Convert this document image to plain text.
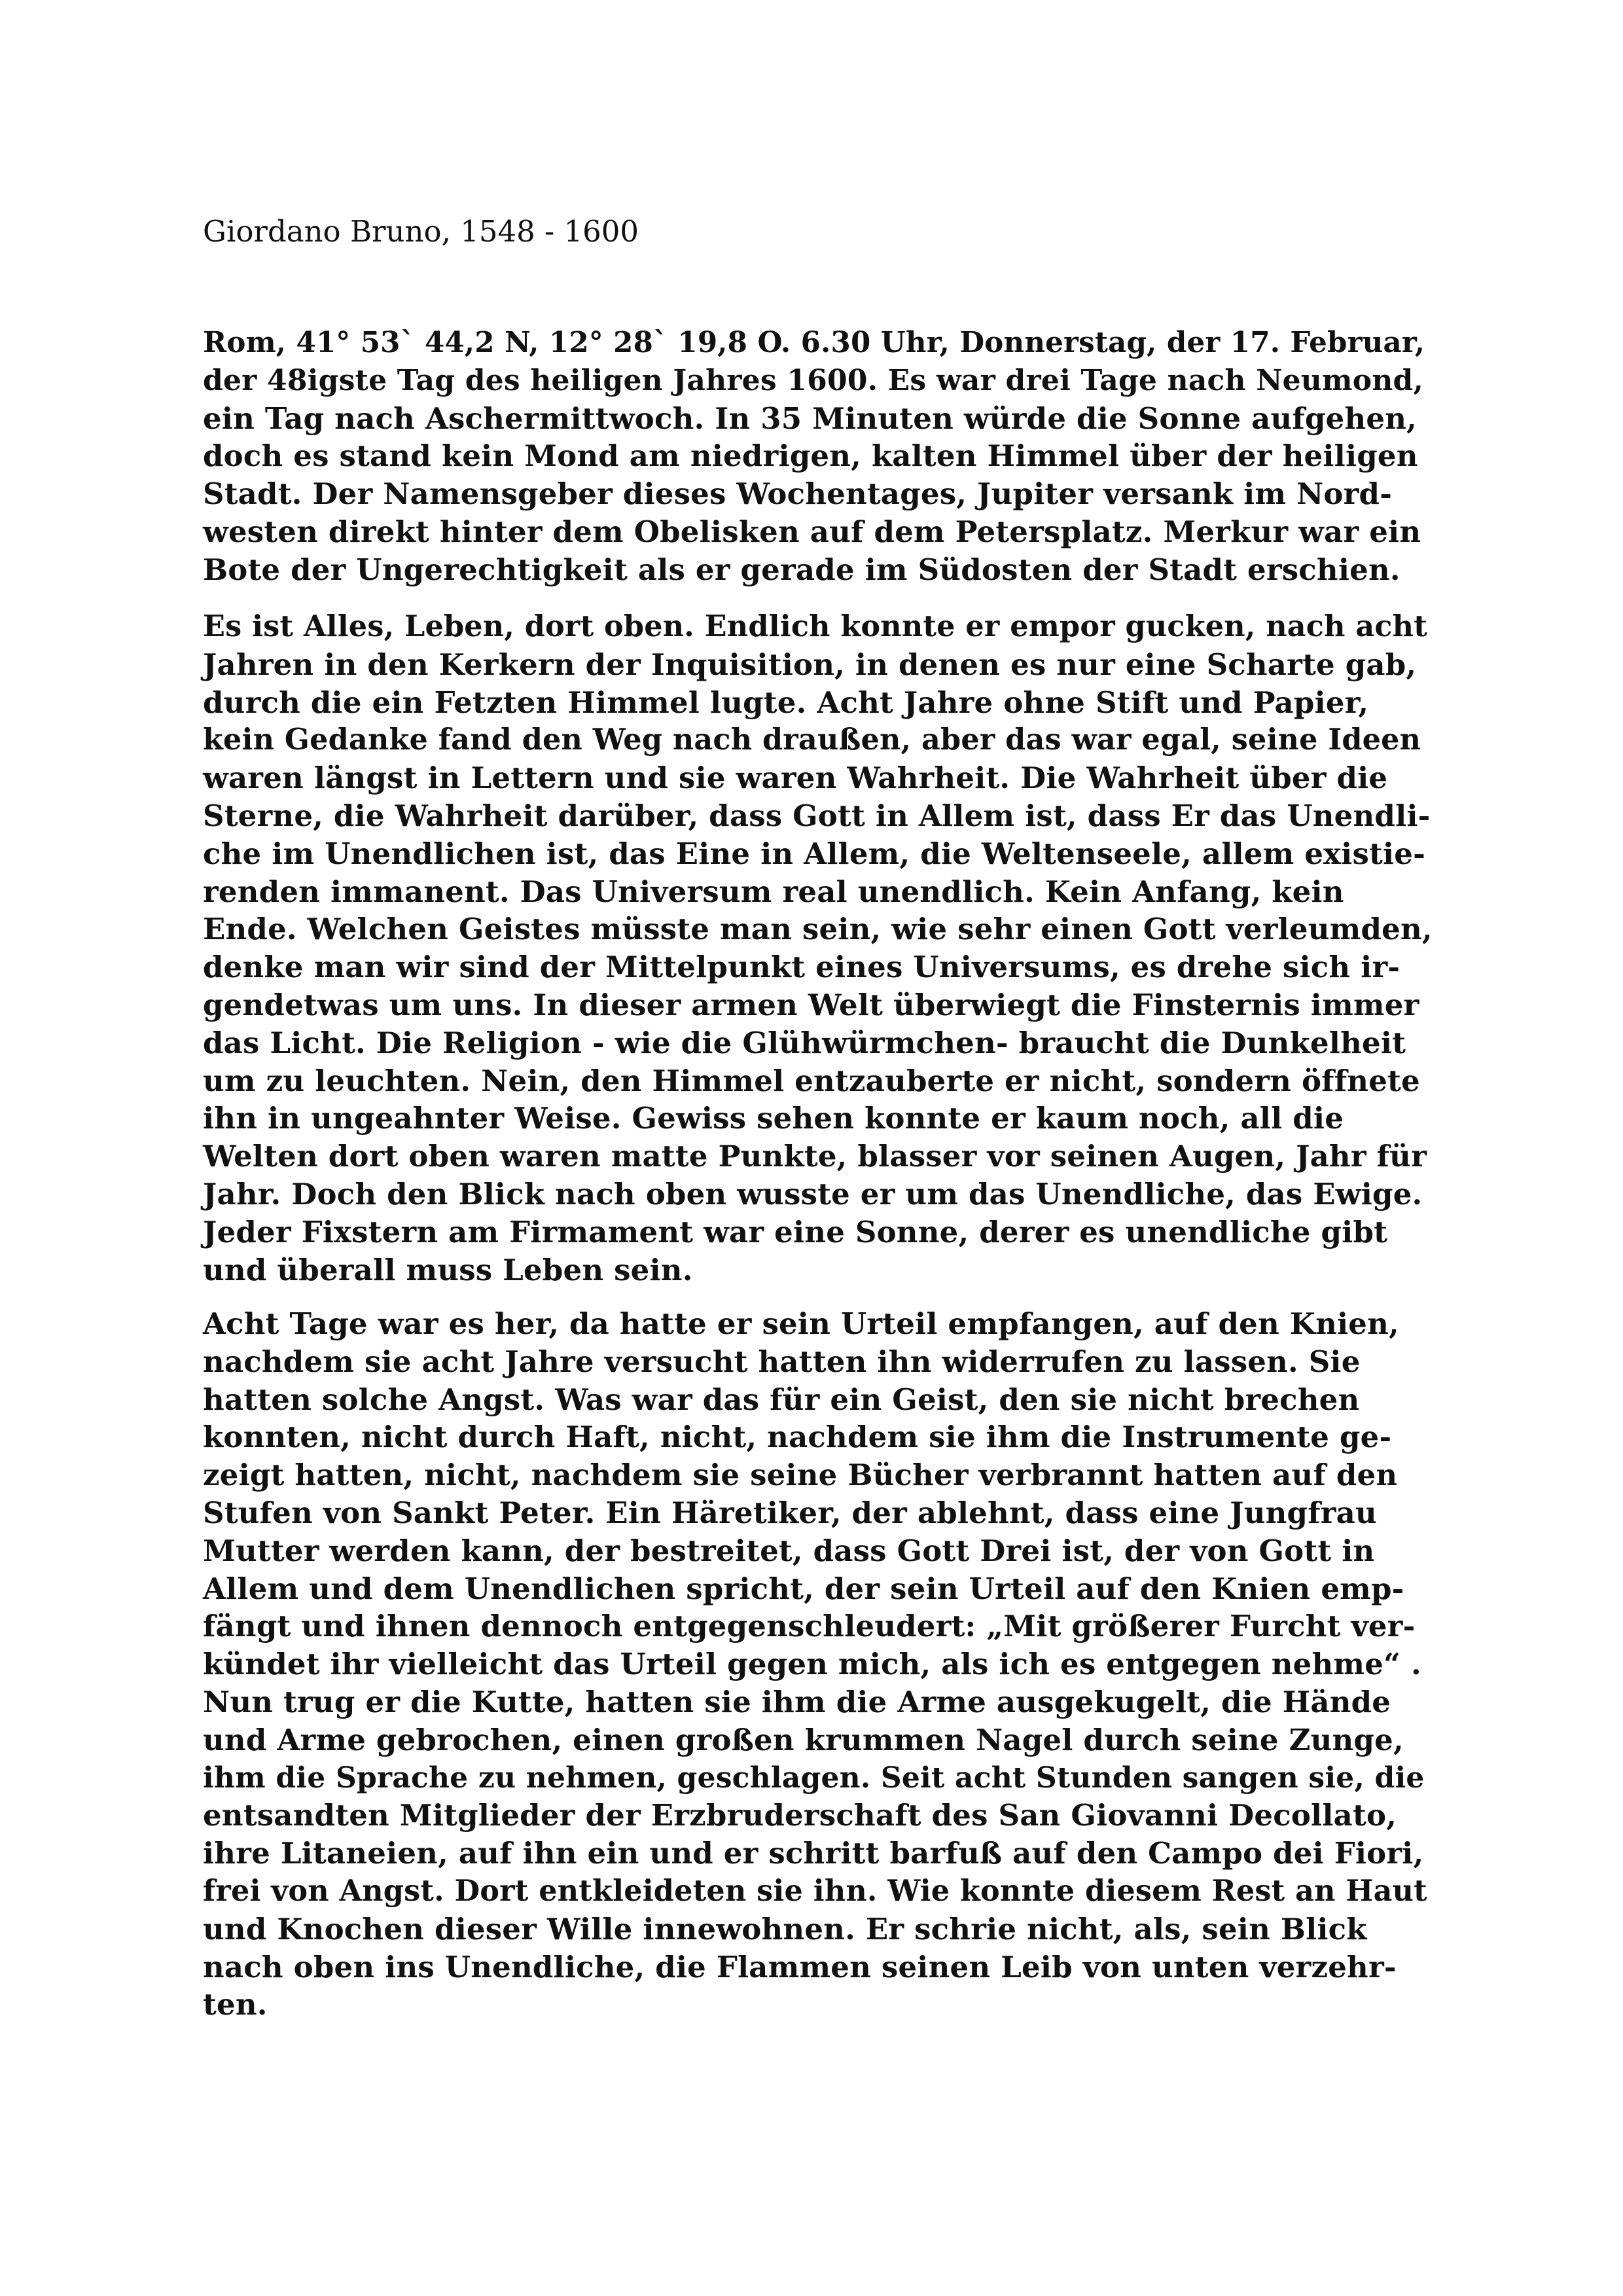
Giordano Bruno, 1548 - 1600
Rom, 41° 53` 44,2 N, 12° 28` 19,8 O. 6.30 Uhr, Donnerstag, der 17. Februar,
der 48igste Tag des heiligen Jahres 1600. Es war drei Tage nach Neumond,
ein Tag nach Aschermittwoch. In 35 Minuten würde die Sonne aufgehen,
doch es stand kein Mond am niedrigen, kalten Himmel über der heiligen
Stadt. Der Namensgeber dieses Wochentages, Jupiter versank im Nord-
westen direkt hinter dem Obelisken auf dem Petersplatz. Merkur war ein
Bote der Ungerechtigkeit als er gerade im Südosten der Stadt erschien.
Es ist Alles, Leben, dort oben. Endlich konnte er empor gucken, nach acht
Jahren in den Kerkern der Inquisition, in denen es nur eine Scharte gab,
durch die ein Fetzten Himmel lugte. Acht Jahre ohne Stift und Papier,
kein Gedanke fand den Weg nach draußen, aber das war egal, seine Ideen
waren längst in Lettern und sie waren Wahrheit. Die Wahrheit über die
Sterne, die Wahrheit darüber, dass Gott in Allem ist, dass Er das Unendli-
che im Unendlichen ist, das Eine in Allem, die Weltenseele, allem existie-
renden immanent. Das Universum real unendlich. Kein Anfang, kein
Ende. Welchen Geistes müsste man sein, wie sehr einen Gott verleumden,
denke man wir sind der Mittelpunkt eines Universums, es drehe sich ir-
gendetwas um uns. In dieser armen Welt überwiegt die Finsternis immer
das Licht. Die Religion - wie die Glühwürmchen- braucht die Dunkelheit
um zu leuchten. Nein, den Himmel entzauberte er nicht, sondern öffnete
ihn in ungeahnter Weise. Gewiss sehen konnte er kaum noch, all die
Welten dort oben waren matte Punkte, blasser vor seinen Augen, Jahr für
Jahr. Doch den Blick nach oben wusste er um das Unendliche, das Ewige.
Jeder Fixstern am Firmament war eine Sonne, derer es unendliche gibt
und überall muss Leben sein.
Acht Tage war es her, da hatte er sein Urteil empfangen, auf den Knien,
nachdem sie acht Jahre versucht hatten ihn widerrufen zu lassen. Sie
hatten solche Angst. Was war das für ein Geist, den sie nicht brechen
konnten, nicht durch Haft, nicht, nachdem sie ihm die Instrumente ge-
zeigt hatten, nicht, nachdem sie seine Bücher verbrannt hatten auf den
Stufen von Sankt Peter. Ein Häretiker, der ablehnt, dass eine Jungfrau
Mutter werden kann, der bestreitet, dass Gott Drei ist, der von Gott in
Allem und dem Unendlichen spricht, der sein Urteil auf den Knien emp-
fängt und ihnen dennoch entgegenschleudert: „Mit größerer Furcht ver-
kündet ihr vielleicht das Urteil gegen mich, als ich es entgegen nehme“ .
Nun trug er die Kutte, hatten sie ihm die Arme ausgekugelt, die Hände
und Arme gebrochen, einen großen krummen Nagel durch seine Zunge,
ihm die Sprache zu nehmen, geschlagen. Seit acht Stunden sangen sie, die
entsandten Mitglieder der Erzbruderschaft des San Giovanni Decollato,
ihre Litaneien, auf ihn ein und er schritt barfuß auf den Campo dei Fiori,
frei von Angst. Dort entkleideten sie ihn. Wie konnte diesem Rest an Haut
und Knochen dieser Wille innewohnen. Er schrie nicht, als, sein Blick
nach oben ins Unendliche, die Flammen seinen Leib von unten verzehr-
ten.
